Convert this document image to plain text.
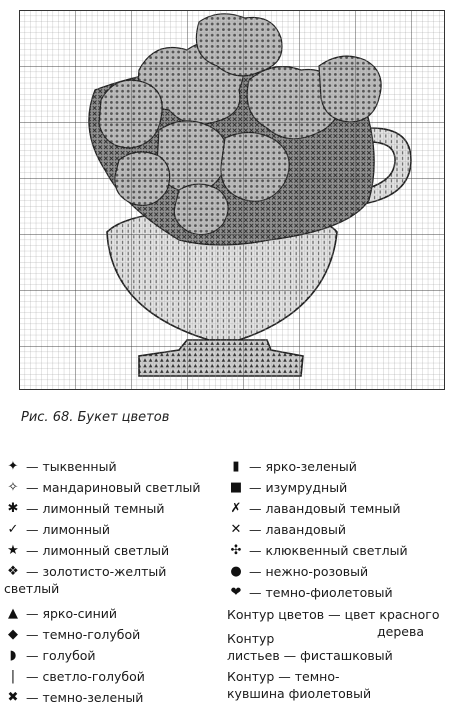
Рис. 68. Букет цветов
✦ — тыквенный
✧ — мандариновый светлый
✱ — лимонный темный
✓ — лимонный
★ — лимонный светлый
❖ — золотисто-желтый
светлый
▲ — ярко-синий
◆ — темно-голубой
◗ — голубой
| — светло-голубой
✖ — темно-зеленый
▮ — ярко-зеленый
■ — изумрудный
✗ — лавандовый темный
✕ — лавандовый
✣ — клюквенный светлый
● — нежно-розовый
❤ — темно-фиолетовый
Контур цветов — цвет красного
дерева
Контур
листьев — фисташковый
Контур — темно-
кувшина фиолетовый
